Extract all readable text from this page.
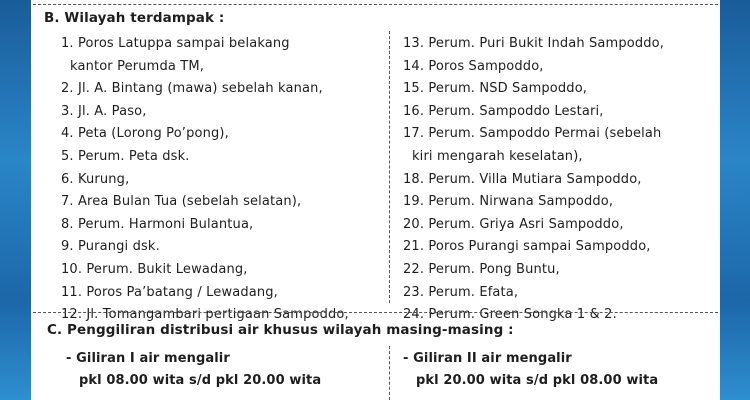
B. Wilayah terdampak :
1. Poros Latuppa sampai belakang
kantor Perumda TM,
2. Jl. A. Bintang (mawa) sebelah kanan,
3. Jl. A. Paso,
4. Peta (Lorong Po’pong),
5. Perum. Peta dsk.
6. Kurung,
7. Area Bulan Tua (sebelah selatan),
8. Perum. Harmoni Bulantua,
9. Purangi dsk.
10. Perum. Bukit Lewadang,
11. Poros Pa’batang / Lewadang,
12. Jl. Tomangambari pertigaan Sampoddo,
13. Perum. Puri Bukit Indah Sampoddo,
14. Poros Sampoddo,
15. Perum. NSD Sampoddo,
16. Perum. Sampoddo Lestari,
17. Perum. Sampoddo Permai (sebelah
kiri mengarah keselatan),
18. Perum. Villa Mutiara Sampoddo,
19. Perum. Nirwana Sampoddo,
20. Perum. Griya Asri Sampoddo,
21. Poros Purangi sampai Sampoddo,
22. Perum. Pong Buntu,
23. Perum. Efata,
24. Perum. Green Songka 1 & 2.
C. Penggiliran distribusi air khusus wilayah masing-masing :
- Giliran I air mengalir
pkl 08.00 wita s/d pkl 20.00 wita
- Giliran II air mengalir
pkl 20.00 wita s/d pkl 08.00 wita
